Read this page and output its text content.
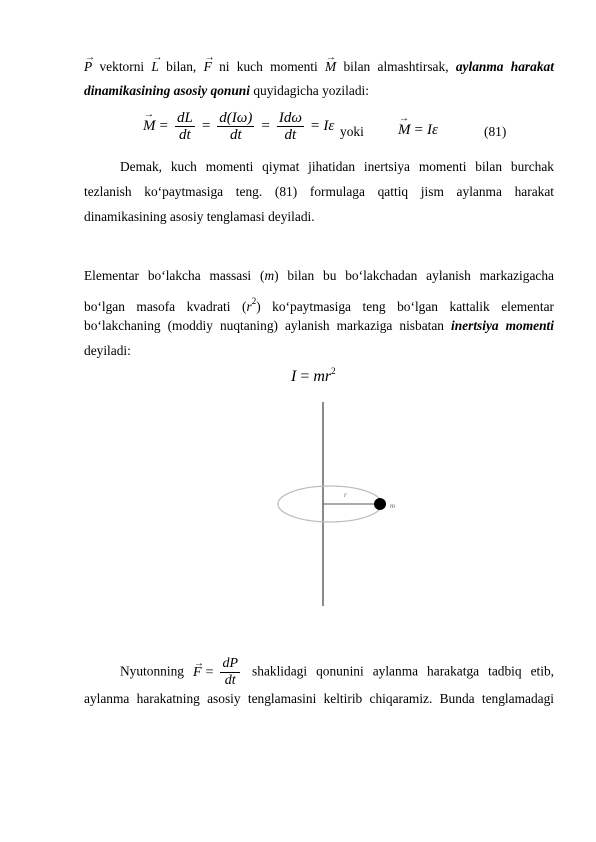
→ P vektorni → L bilan, → F ni kuch momenti → M bilan almashtirsak, aylanma harakat
dinamikasining asosiy qonuni quyidagicha yoziladi:
→ $M = \frac{dL}{dt} = \frac{d(I\omega)}{dt} = \frac{\text{Idω}}{dt} = I\varepsilon$ yoki → M = Iε	(81)
Demak, kuch momenti qiymat jihatidan inertsiya momenti bilan burchak
tezlanish ko‘paytmasiga teng. (81) formulaga qattiq jism aylanma harakat
dinamikasining asosiy tenglamasi deyiladi.
Elementar bo‘lakcha massasi (m) bilan bu bo‘lakchadan aylanish markazigacha
bo‘lgan masofa kvadrati $(r^2)$ ko‘paytmasiga teng bo‘lgan kattalik elementar
bo‘lakchaning (moddiy nuqtaning) aylanish markaziga nisbatan inertsiya momenti
deyiladi:
$I = mr^2$
r
m
Nyutonning → $F = \frac{dP}{dt}$ shaklidagi qonunini aylanma harakatga tadbiq etib,
aylanma harakatning asosiy tenglamasini keltirib chiqaramiz. Bunda tenglamadagi
